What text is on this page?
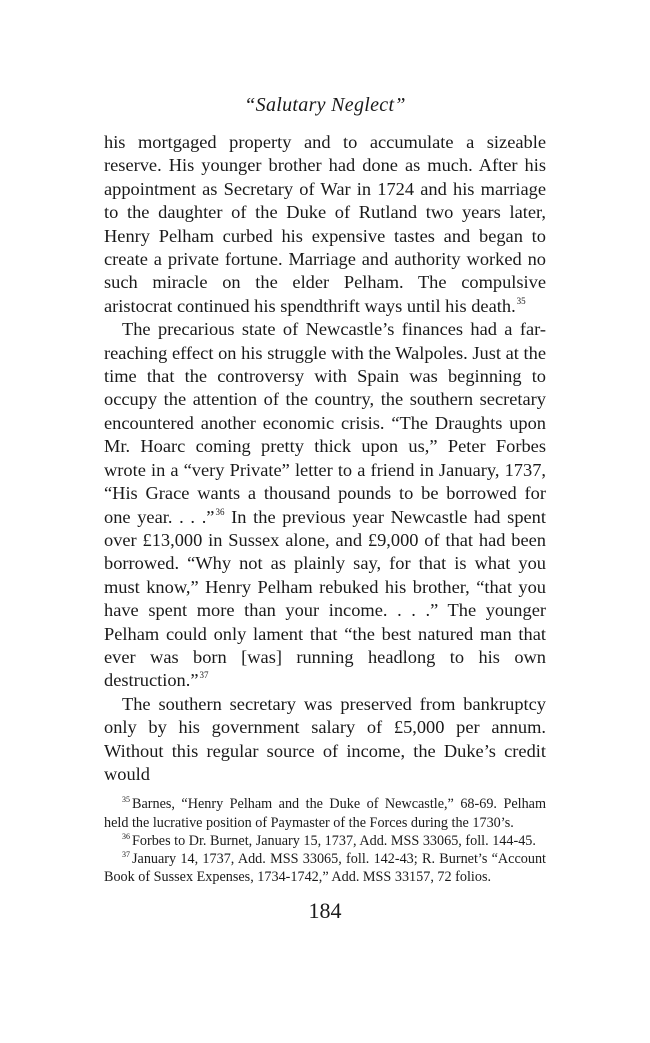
“Salutary Neglect”

his mortgaged property and to accumulate a sizeable reserve. His younger brother had done as much. After his appointment as Secretary of War in 1724 and his marriage to the daughter of the Duke of Rutland two years later, Henry Pelham curbed his expensive tastes and began to create a private fortune. Marriage and authority worked no such miracle on the elder Pelham. The compulsive aristocrat continued his spendthrift ways until his death.$^{35}$

The precarious state of Newcastle’s finances had a far-reaching effect on his struggle with the Walpoles. Just at the time that the controversy with Spain was beginning to occupy the attention of the country, the southern secretary encountered another economic crisis. “The Draughts upon Mr. Hoarc coming pretty thick upon us,” Peter Forbes wrote in a “very Private” letter to a friend in January, 1737, “His Grace wants a thousand pounds to be borrowed for one year. . . .”$^{36}$ In the previous year Newcastle had spent over £13,000 in Sussex alone, and £9,000 of that had been borrowed. “Why not as plainly say, for that is what you must know,” Henry Pelham rebuked his brother, “that you have spent more than your income. . . .” The younger Pelham could only lament that “the best natured man that ever was born [was] running headlong to his own destruction.”$^{37}$

The southern secretary was preserved from bankruptcy only by his government salary of £5,000 per annum. Without this regular source of income, the Duke’s credit would

$^{35}$ Barnes, “Henry Pelham and the Duke of Newcastle,” 68-69. Pelham held the lucrative position of Paymaster of the Forces during the 1730’s.

$^{36}$ Forbes to Dr. Burnet, January 15, 1737, Add. MSS 33065, foll. 144-45.

$^{37}$ January 14, 1737, Add. MSS 33065, foll. 142-43; R. Burnet’s “Account Book of Sussex Expenses, 1734-1742,” Add. MSS 33157, 72 folios.

184
